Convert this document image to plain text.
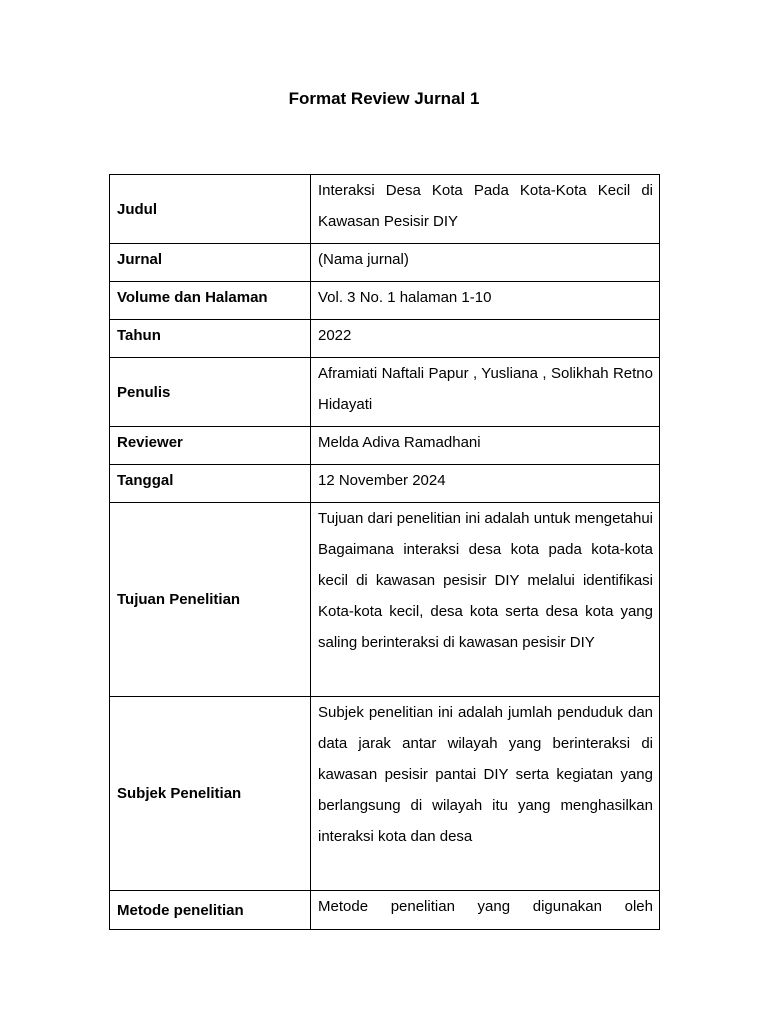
Format Review Jurnal 1
Judul	Interaksi Desa Kota Pada Kota-Kota Kecil di Kawasan Pesisir DIY
Jurnal	(Nama jurnal)
Volume dan Halaman	Vol. 3 No. 1 halaman 1-10
Tahun	2022
Penulis	Aframiati Naftali Papur , Yusliana , Solikhah Retno Hidayati
Reviewer	Melda Adiva Ramadhani
Tanggal	12 November 2024
Tujuan Penelitian	Tujuan dari penelitian ini adalah untuk mengetahui Bagaimana interaksi desa kota pada kota-kota kecil di kawasan pesisir DIY melalui identifikasi Kota-kota kecil, desa kota serta desa kota yang saling berinteraksi di kawasan pesisir DIY
Subjek Penelitian	Subjek penelitian ini adalah jumlah penduduk dan data jarak antar wilayah yang berinteraksi di kawasan pesisir pantai DIY serta kegiatan yang berlangsung di wilayah itu yang menghasilkan interaksi kota dan desa
Metode penelitian	Metode penelitian yang digunakan oleh
